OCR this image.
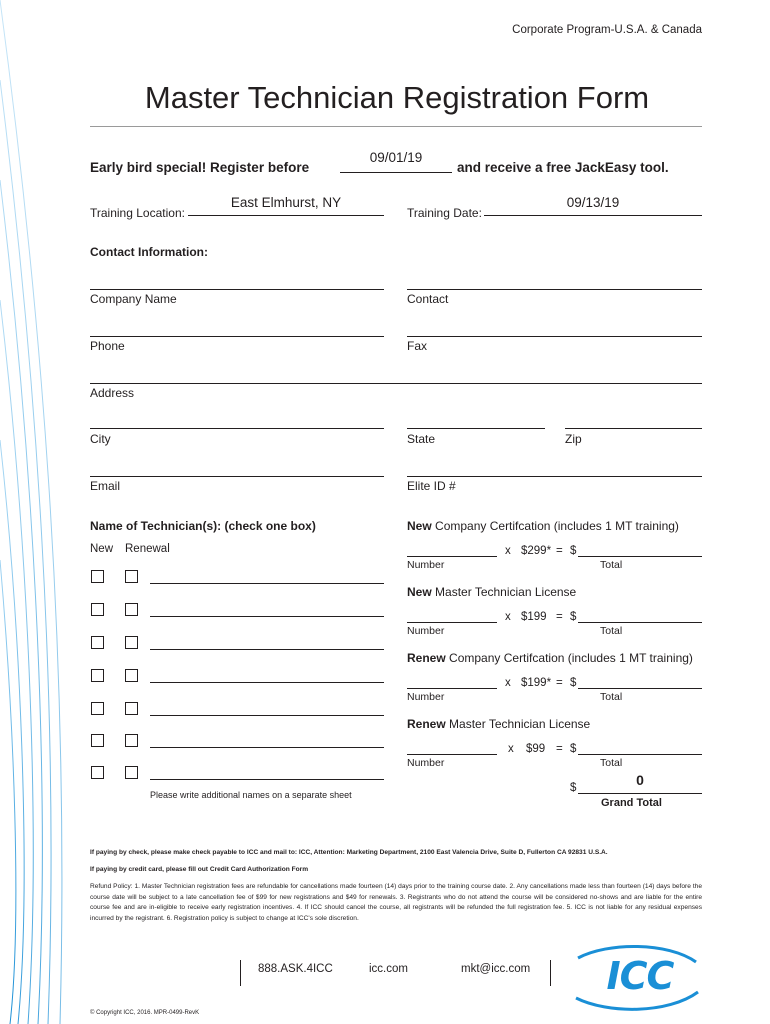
Corporate Program-U.S.A. & Canada
Master Technician Registration Form
Early bird special! Register before
09/01/19
and receive a free JackEasy tool.
Training Location:
East Elmhurst, NY
Training Date:
09/13/19
Contact Information:
Company Name	Contact
Phone	Fax
Address
City	State	Zip
Email	Elite ID #
Name of Technician(s): (check one box)
New Renewal
Please write additional names on a separate sheet
New Company Certifcation (includes 1 MT training)
x $299* = $
Number	Total
New Master Technician License
x $199 = $
Number	Total
Renew Company Certifcation (includes 1 MT training)
x $199* = $
Number	Total
Renew Master Technician License
x $99 = $
Number	Total
$	0
Grand Total
If paying by check, please make check payable to ICC and mail to: ICC, Attention: Marketing Department, 2100 East Valencia Drive, Suite D, Fullerton CA 92831 U.S.A.
If paying by credit card, please fill out Credit Card Authorization Form
Refund Policy: 1. Master Technician registration fees are refundable for cancellations made fourteen (14) days prior to the training course date. 2. Any cancellations made less than fourteen (14) days before the course date will be subject to a late cancellation fee of $99 for new registrations and $49 for renewals. 3. Registrants who do not attend the course will be considered no-shows and are liable for the entire course fee and are in-eligible to receive early registration incentives. 4. If ICC should cancel the course, all registrants will be refunded the full registration fee. 5. ICC is not liable for any residual expenses incurred by the registrant. 6. Registration policy is subject to change at ICC's sole discretion.
888.ASK.4ICC	icc.com	mkt@icc.com	ICC
© Copyright ICC, 2016. MPR-0499-RevK
